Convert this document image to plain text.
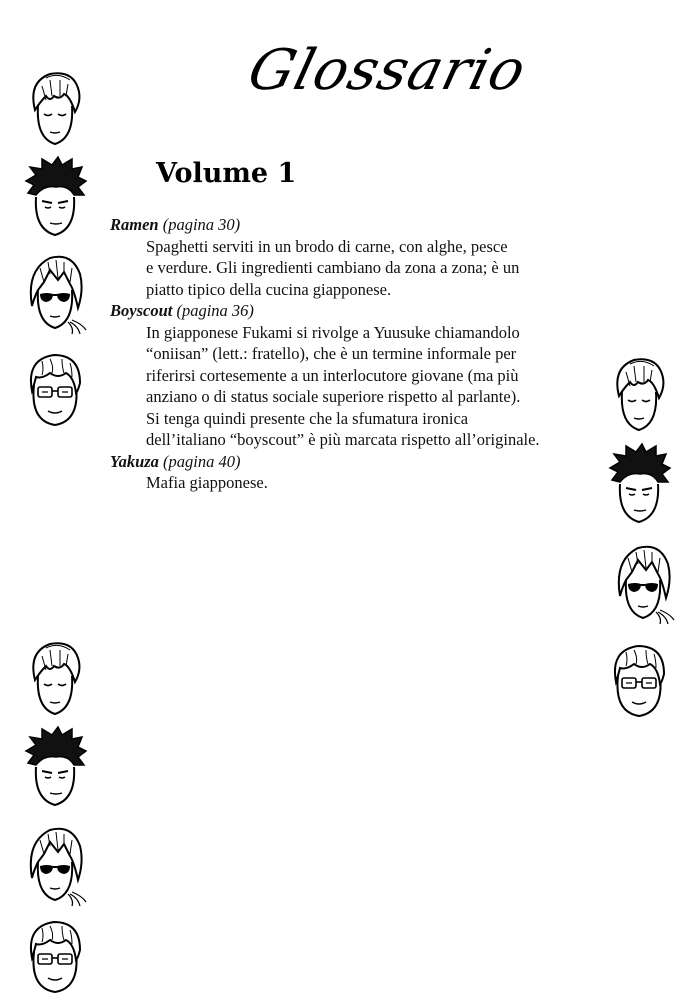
Glossario
Volume 1
Ramen (pagina 30)
Spaghetti serviti in un brodo di carne, con alghe, pesce
e verdure. Gli ingredienti cambiano da zona a zona; è un
piatto tipico della cucina giapponese.
Boyscout (pagina 36)
In giapponese Fukami si rivolge a Yuusuke chiamandolo
“oniisan” (lett.: fratello), che è un termine informale per
riferirsi cortesemente a un interlocutore giovane (ma più
anziano o di status sociale superiore rispetto al parlante).
Si tenga quindi presente che la sfumatura ironica
dell’italiano “boyscout” è più marcata rispetto all’originale.
Yakuza (pagina 40)
Mafia giapponese.
